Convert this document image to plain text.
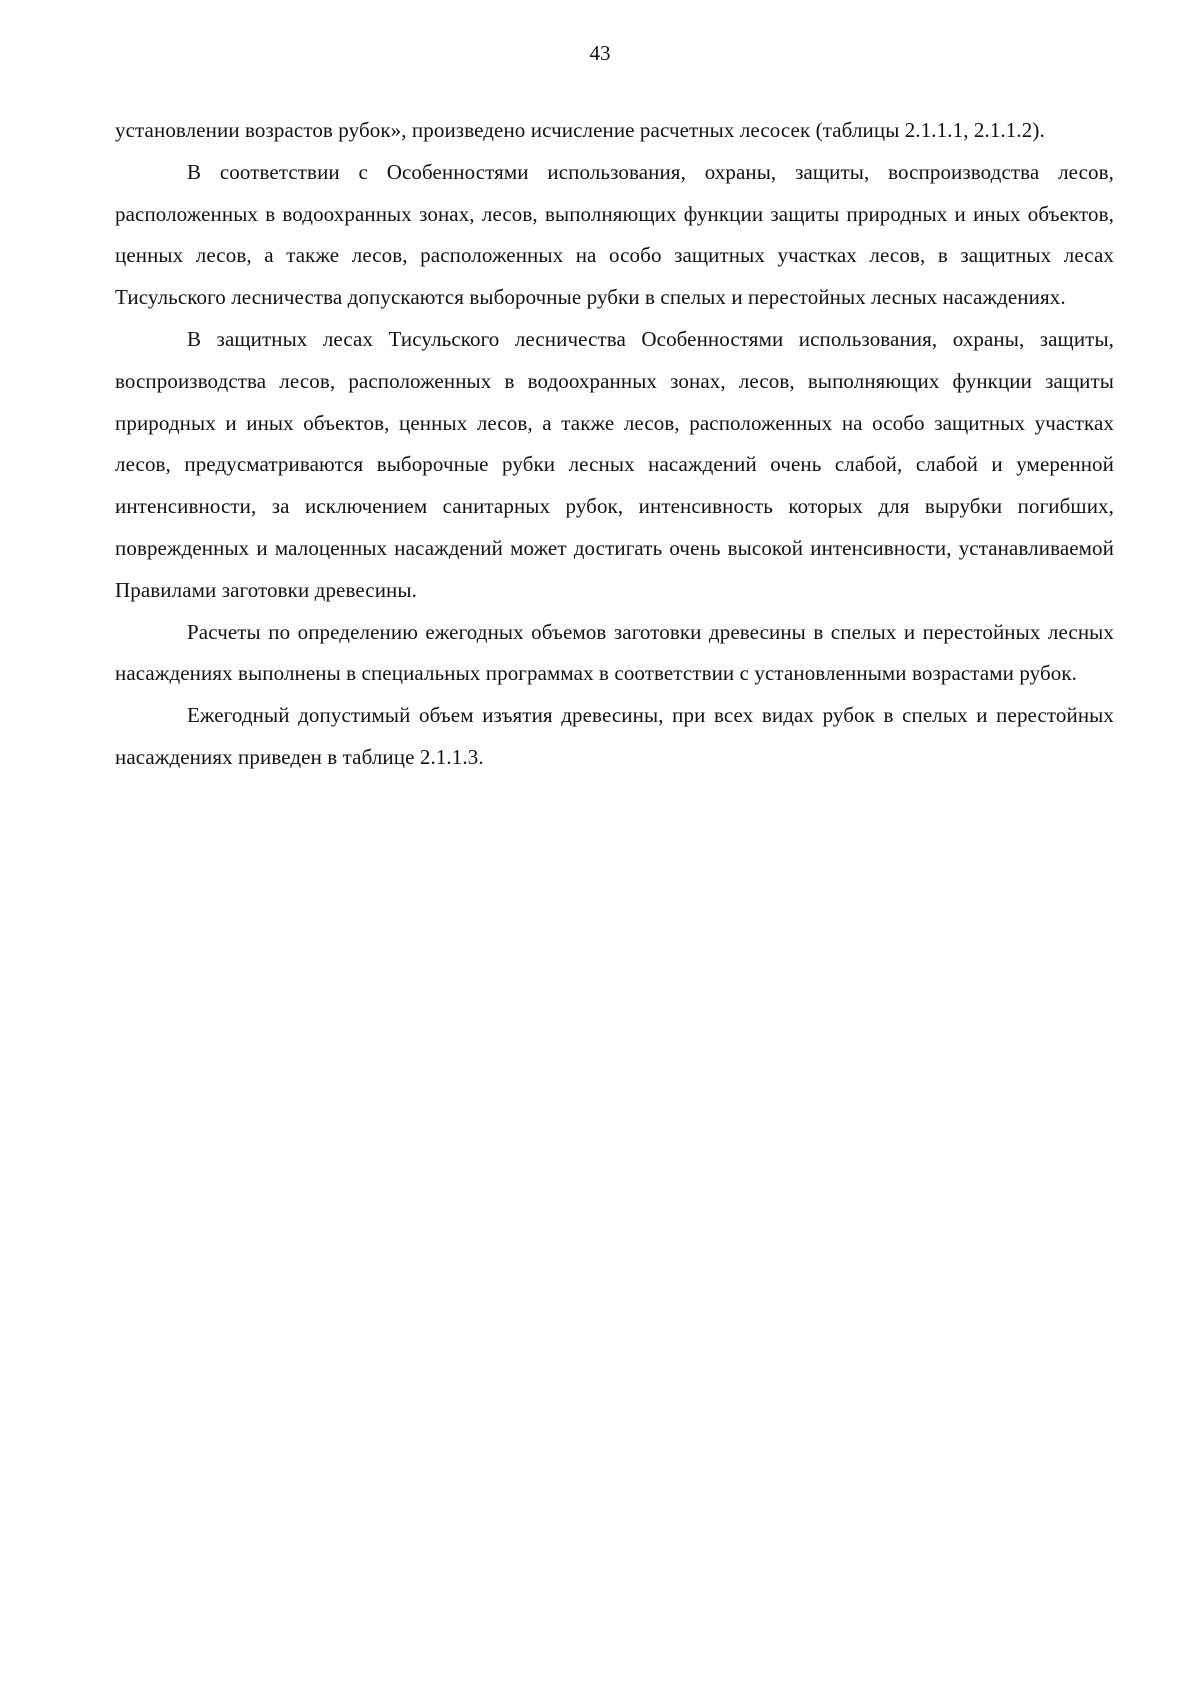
43

установлении возрастов рубок», произведено исчисление расчетных лесосек (таблицы 2.1.1.1, 2.1.1.2).

В соответствии с Особенностями использования, охраны, защиты, воспроизводства лесов, расположенных в водоохранных зонах, лесов, выполняющих функции защиты природных и иных объектов, ценных лесов, а также лесов, расположенных на особо защитных участках лесов, в защитных лесах Тисульского лесничества допускаются выборочные рубки в спелых и перестойных лесных насаждениях.

В защитных лесах Тисульского лесничества Особенностями использования, охраны, защиты, воспроизводства лесов, расположенных в водоохранных зонах, лесов, выполняющих функции защиты природных и иных объектов, ценных лесов, а также лесов, расположенных на особо защитных участках лесов, предусматриваются выборочные рубки лесных насаждений очень слабой, слабой и умеренной интенсивности, за исключением санитарных рубок, интенсивность которых для вырубки погибших, поврежденных и малоценных насаждений может достигать очень высокой интенсивности, устанавливаемой Правилами заготовки древесины.

Расчеты по определению ежегодных объемов заготовки древесины в спелых и перестойных лесных насаждениях выполнены в специальных программах в соответствии с установленными возрастами рубок.

Ежегодный допустимый объем изъятия древесины, при всех видах рубок в спелых и перестойных насаждениях приведен в таблице 2.1.1.3.
